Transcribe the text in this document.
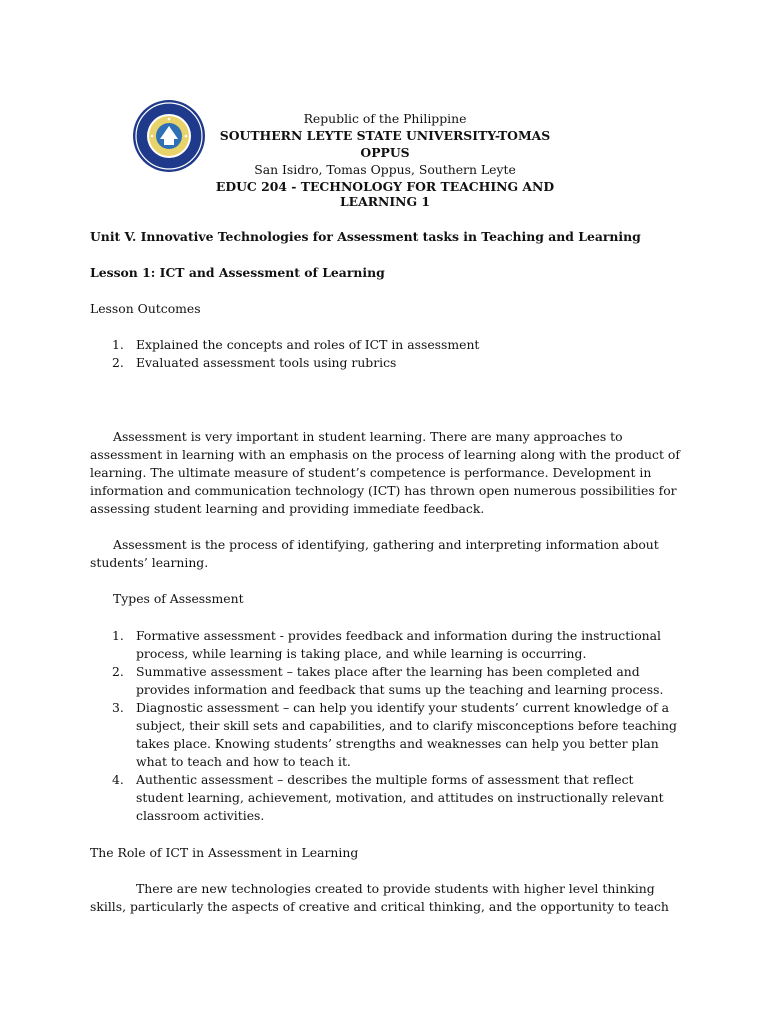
Republic of the Philippine
SOUTHERN LEYTE STATE UNIVERSITY-TOMAS OPPUS
San Isidro, Tomas Oppus, Southern Leyte
EDUC 204 - TECHNOLOGY FOR TEACHING AND LEARNING 1

Unit V. Innovative Technologies for Assessment tasks in Teaching and Learning

Lesson 1: ICT and Assessment of Learning

Lesson Outcomes

1. Explained the concepts and roles of ICT in assessment
2. Evaluated assessment tools using rubrics

Assessment is very important in student learning. There are many approaches to assessment in learning with an emphasis on the process of learning along with the product of learning. The ultimate measure of student’s competence is performance. Development in information and communication technology (ICT) has thrown open numerous possibilities for assessing student learning and providing immediate feedback.

Assessment is the process of identifying, gathering and interpreting information about students’ learning.

Types of Assessment

1. Formative assessment - provides feedback and information during the instructional process, while learning is taking place, and while learning is occurring.
2. Summative assessment – takes place after the learning has been completed and provides information and feedback that sums up the teaching and learning process.
3. Diagnostic assessment – can help you identify your students’ current knowledge of a subject, their skill sets and capabilities, and to clarify misconceptions before teaching takes place. Knowing students’ strengths and weaknesses can help you better plan what to teach and how to teach it.
4. Authentic assessment – describes the multiple forms of assessment that reflect student learning, achievement, motivation, and attitudes on instructionally relevant classroom activities.

The Role of ICT in Assessment in Learning

There are new technologies created to provide students with higher level thinking skills, particularly the aspects of creative and critical thinking, and the opportunity to teach
